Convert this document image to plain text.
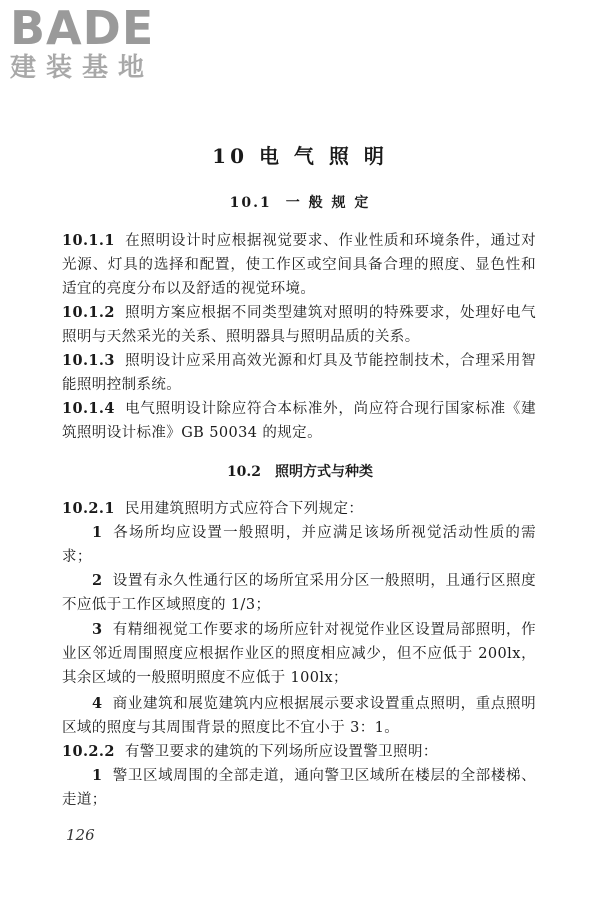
BADE
建装基地
10 电 气 照 明
10.1 一 般 规 定

10.1.1 在照明设计时应根据视觉要求、作业性质和环境条件，通过对光源、灯具的选择和配置，使工作区或空间具备合理的照度、显色性和适宜的亮度分布以及舒适的视觉环境。

10.1.2 照明方案应根据不同类型建筑对照明的特殊要求，处理好电气照明与天然采光的关系、照明器具与照明品质的关系。

10.1.3 照明设计应采用高效光源和灯具及节能控制技术，合理采用智能照明控制系统。

10.1.4 电气照明设计除应符合本标准外，尚应符合现行国家标准《建筑照明设计标准》GB 50034 的规定。

10.2 照明方式与种类

10.2.1 民用建筑照明方式应符合下列规定：

1 各场所均应设置一般照明，并应满足该场所视觉活动性质的需求；

2 设置有永久性通行区的场所宜采用分区一般照明，且通行区照度不应低于工作区域照度的 1/3；

3 有精细视觉工作要求的场所应针对视觉作业区设置局部照明，作业区邻近周围照度应根据作业区的照度相应减少，但不应低于 200lx，其余区域的一般照明照度不应低于 100lx；

4 商业建筑和展览建筑内应根据展示要求设置重点照明，重点照明区域的照度与其周围背景的照度比不宜小于 3：1。

10.2.2 有警卫要求的建筑的下列场所应设置警卫照明：

1 警卫区域周围的全部走道，通向警卫区域所在楼层的全部楼梯、走道；

126
